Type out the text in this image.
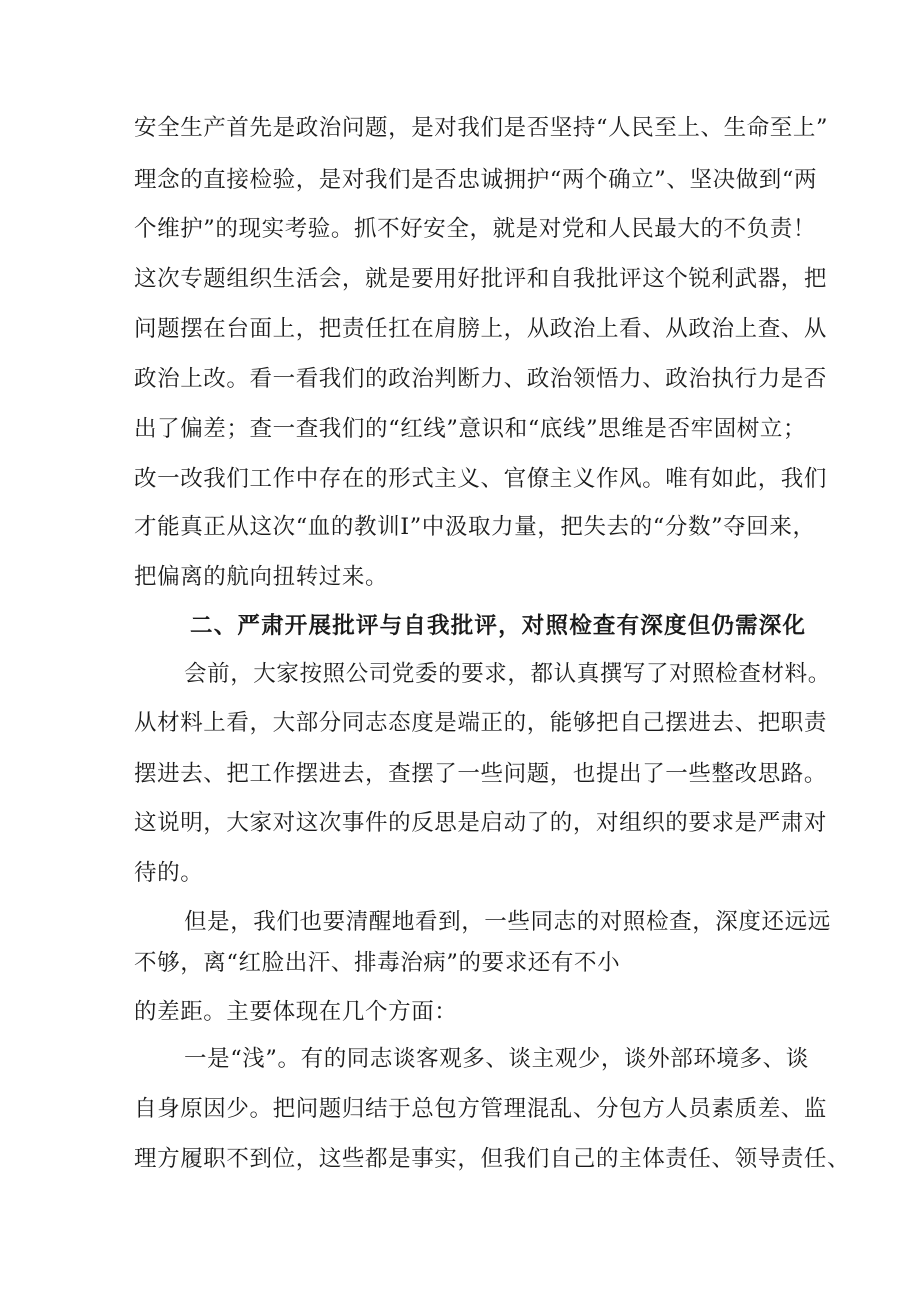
安全生产首先是政治问题，是对我们是否坚持“人民至上、生命至上”
理念的直接检验，是对我们是否忠诚拥护“两个确立”、坚决做到“两
个维护”的现实考验。抓不好安全，就是对党和人民最大的不负责！
这次专题组织生活会，就是要用好批评和自我批评这个锐利武器，把
问题摆在台面上，把责任扛在肩膀上，从政治上看、从政治上查、从
政治上改。看一看我们的政治判断力、政治领悟力、政治执行力是否
出了偏差；查一查我们的“红线”意识和“底线”思维是否牢固树立；
改一改我们工作中存在的形式主义、官僚主义作风。唯有如此，我们
才能真正从这次“血的教训Ⅰ”中汲取力量，把失去的“分数”夺回来，
把偏离的航向扭转过来。
二、严肃开展批评与自我批评，对照检查有深度但仍需深化
会前，大家按照公司党委的要求，都认真撰写了对照检查材料。
从材料上看，大部分同志态度是端正的，能够把自己摆进去、把职责
摆进去、把工作摆进去，查摆了一些问题，也提出了一些整改思路。
这说明，大家对这次事件的反思是启动了的，对组织的要求是严肃对
待的。
但是，我们也要清醒地看到，一些同志的对照检查，深度还远远
不够，离“红脸出汗、排毒治病”的要求还有不小
的差距。主要体现在几个方面：
一是“浅”。有的同志谈客观多、谈主观少，谈外部环境多、谈
自身原因少。把问题归结于总包方管理混乱、分包方人员素质差、监
理方履职不到位，这些都是事实，但我们自己的主体责任、领导责任、
